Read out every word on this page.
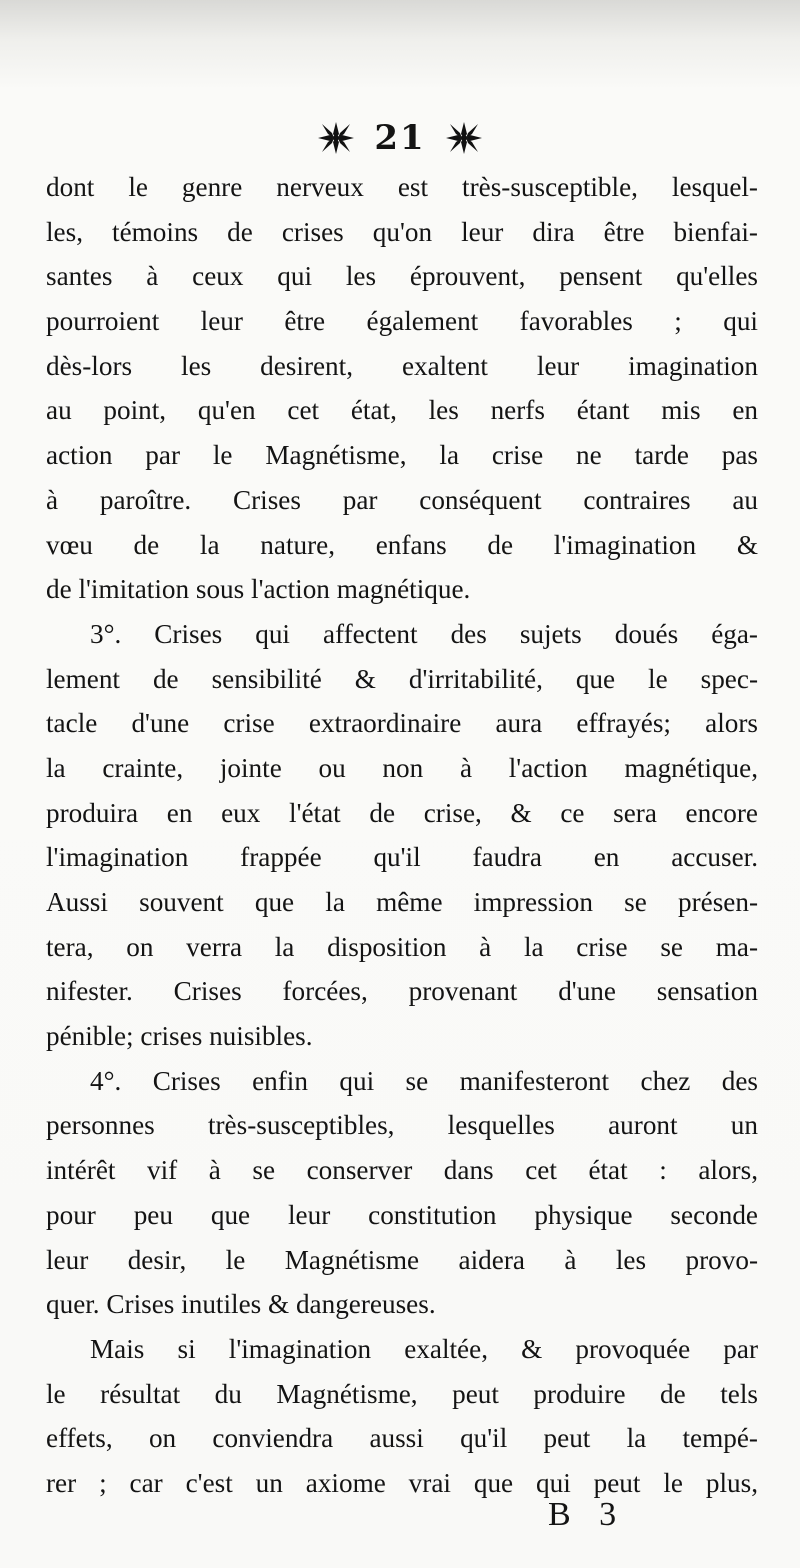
21
dont le genre nerveux est très-susceptible, lesquel-
les, témoins de crises qu'on leur dira être bienfai-
santes à ceux qui les éprouvent, pensent qu'elles
pourroient leur être également favorables ; qui
dès-lors les desirent, exaltent leur imagination
au point, qu'en cet état, les nerfs étant mis en
action par le Magnétisme, la crise ne tarde pas
à paroître. Crises par conséquent contraires au
vœu de la nature, enfans de l'imagination &
de l'imitation sous l'action magnétique.
3°. Crises qui affectent des sujets doués éga-
lement de sensibilité & d'irritabilité, que le spec-
tacle d'une crise extraordinaire aura effrayés; alors
la crainte, jointe ou non à l'action magnétique,
produira en eux l'état de crise, & ce sera encore
l'imagination frappée qu'il faudra en accuser.
Aussi souvent que la même impression se présen-
tera, on verra la disposition à la crise se ma-
nifester. Crises forcées, provenant d'une sensation
pénible; crises nuisibles.
4°. Crises enfin qui se manifesteront chez des
personnes très-susceptibles, lesquelles auront un
intérêt vif à se conserver dans cet état : alors,
pour peu que leur constitution physique seconde
leur desir, le Magnétisme aidera à les provo-
quer. Crises inutiles & dangereuses.
Mais si l'imagination exaltée, & provoquée par
le résultat du Magnétisme, peut produire de tels
effets, on conviendra aussi qu'il peut la tempé-
rer ; car c'est un axiome vrai que qui peut le plus,
B 3
